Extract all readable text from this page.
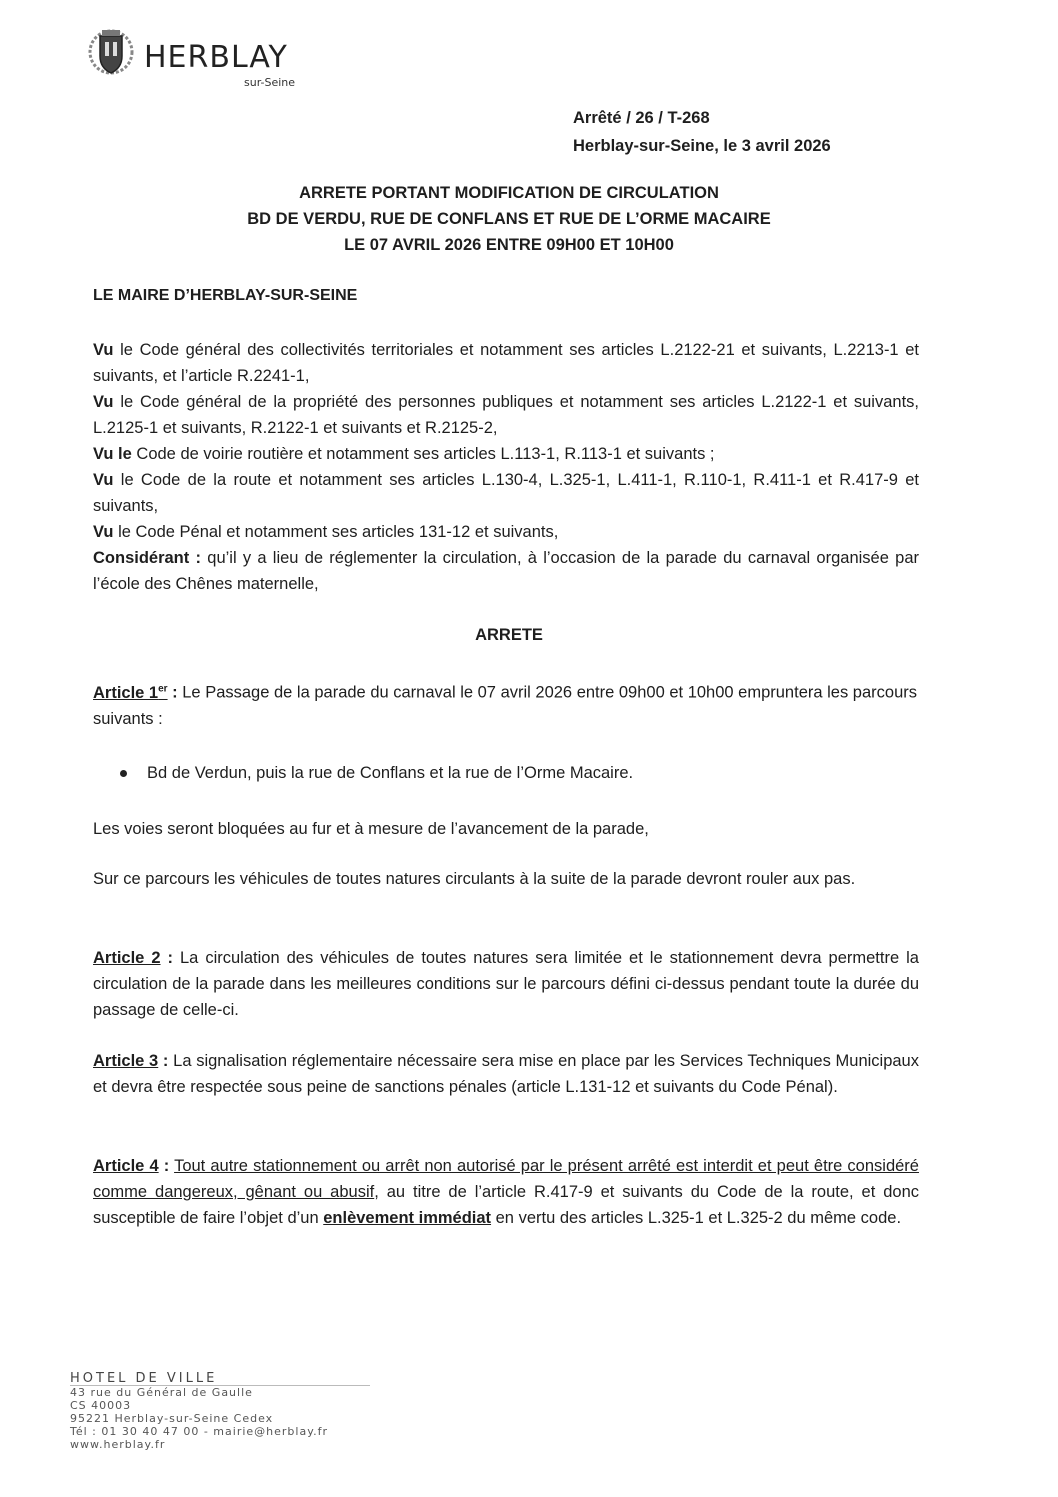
HERBLAY
sur-Seine
Arrêté / 26 / T-268
Herblay-sur-Seine, le 3 avril 2026
ARRETE PORTANT MODIFICATION DE CIRCULATION
BD DE VERDU, RUE DE CONFLANS ET RUE DE L’ORME MACAIRE
LE 07 AVRIL 2026 ENTRE 09H00 ET 10H00
LE MAIRE D’HERBLAY-SUR-SEINE

Vu le Code général des collectivités territoriales et notamment ses articles L.2122-21 et suivants, L.2213-1 et suivants, et l’article R.2241-1,

Vu le Code général de la propriété des personnes publiques et notamment ses articles L.2122-1 et suivants, L.2125-1 et suivants, R.2122-1 et suivants et R.2125-2,

Vu le Code de voirie routière et notamment ses articles L.113-1, R.113-1 et suivants ;

Vu le Code de la route et notamment ses articles L.130-4, L.325-1, L.411-1, R.110-1, R.411-1 et R.417-9 et suivants,

Vu le Code Pénal et notamment ses articles 131-12 et suivants,

Considérant : qu’il y a lieu de réglementer la circulation, à l’occasion de la parade du carnaval organisée par l’école des Chênes maternelle,

ARRETE

Article 1er : Le Passage de la parade du carnaval le 07 avril 2026 entre 09h00 et 10h00 empruntera les parcours suivants :

Bd de Verdun, puis la rue de Conflans et la rue de l’Orme Macaire.
Les voies seront bloquées au fur et à mesure de l’avancement de la parade,
Sur ce parcours les véhicules de toutes natures circulants à la suite de la parade devront rouler aux pas.

Article 2 : La circulation des véhicules de toutes natures sera limitée et le stationnement devra permettre la circulation de la parade dans les meilleures conditions sur le parcours défini ci-dessus pendant toute la durée du passage de celle-ci.

Article 3 : La signalisation réglementaire nécessaire sera mise en place par les Services Techniques Municipaux et devra être respectée sous peine de sanctions pénales (article L.131-12 et suivants du Code Pénal).

Article 4 : Tout autre stationnement ou arrêt non autorisé par le présent arrêté est interdit et peut être considéré comme dangereux, gênant ou abusif, au titre de l’article R.417-9 et suivants du Code de la route, et donc susceptible de faire l’objet d’un enlèvement immédiat en vertu des articles L.325-1 et L.325-2 du même code.

HOTEL DE VILLE
43 rue du Général de Gaulle
CS 40003
95221 Herblay-sur-Seine Cedex
Tél : 01 30 40 47 00 - mairie@herblay.fr
www.herblay.fr
